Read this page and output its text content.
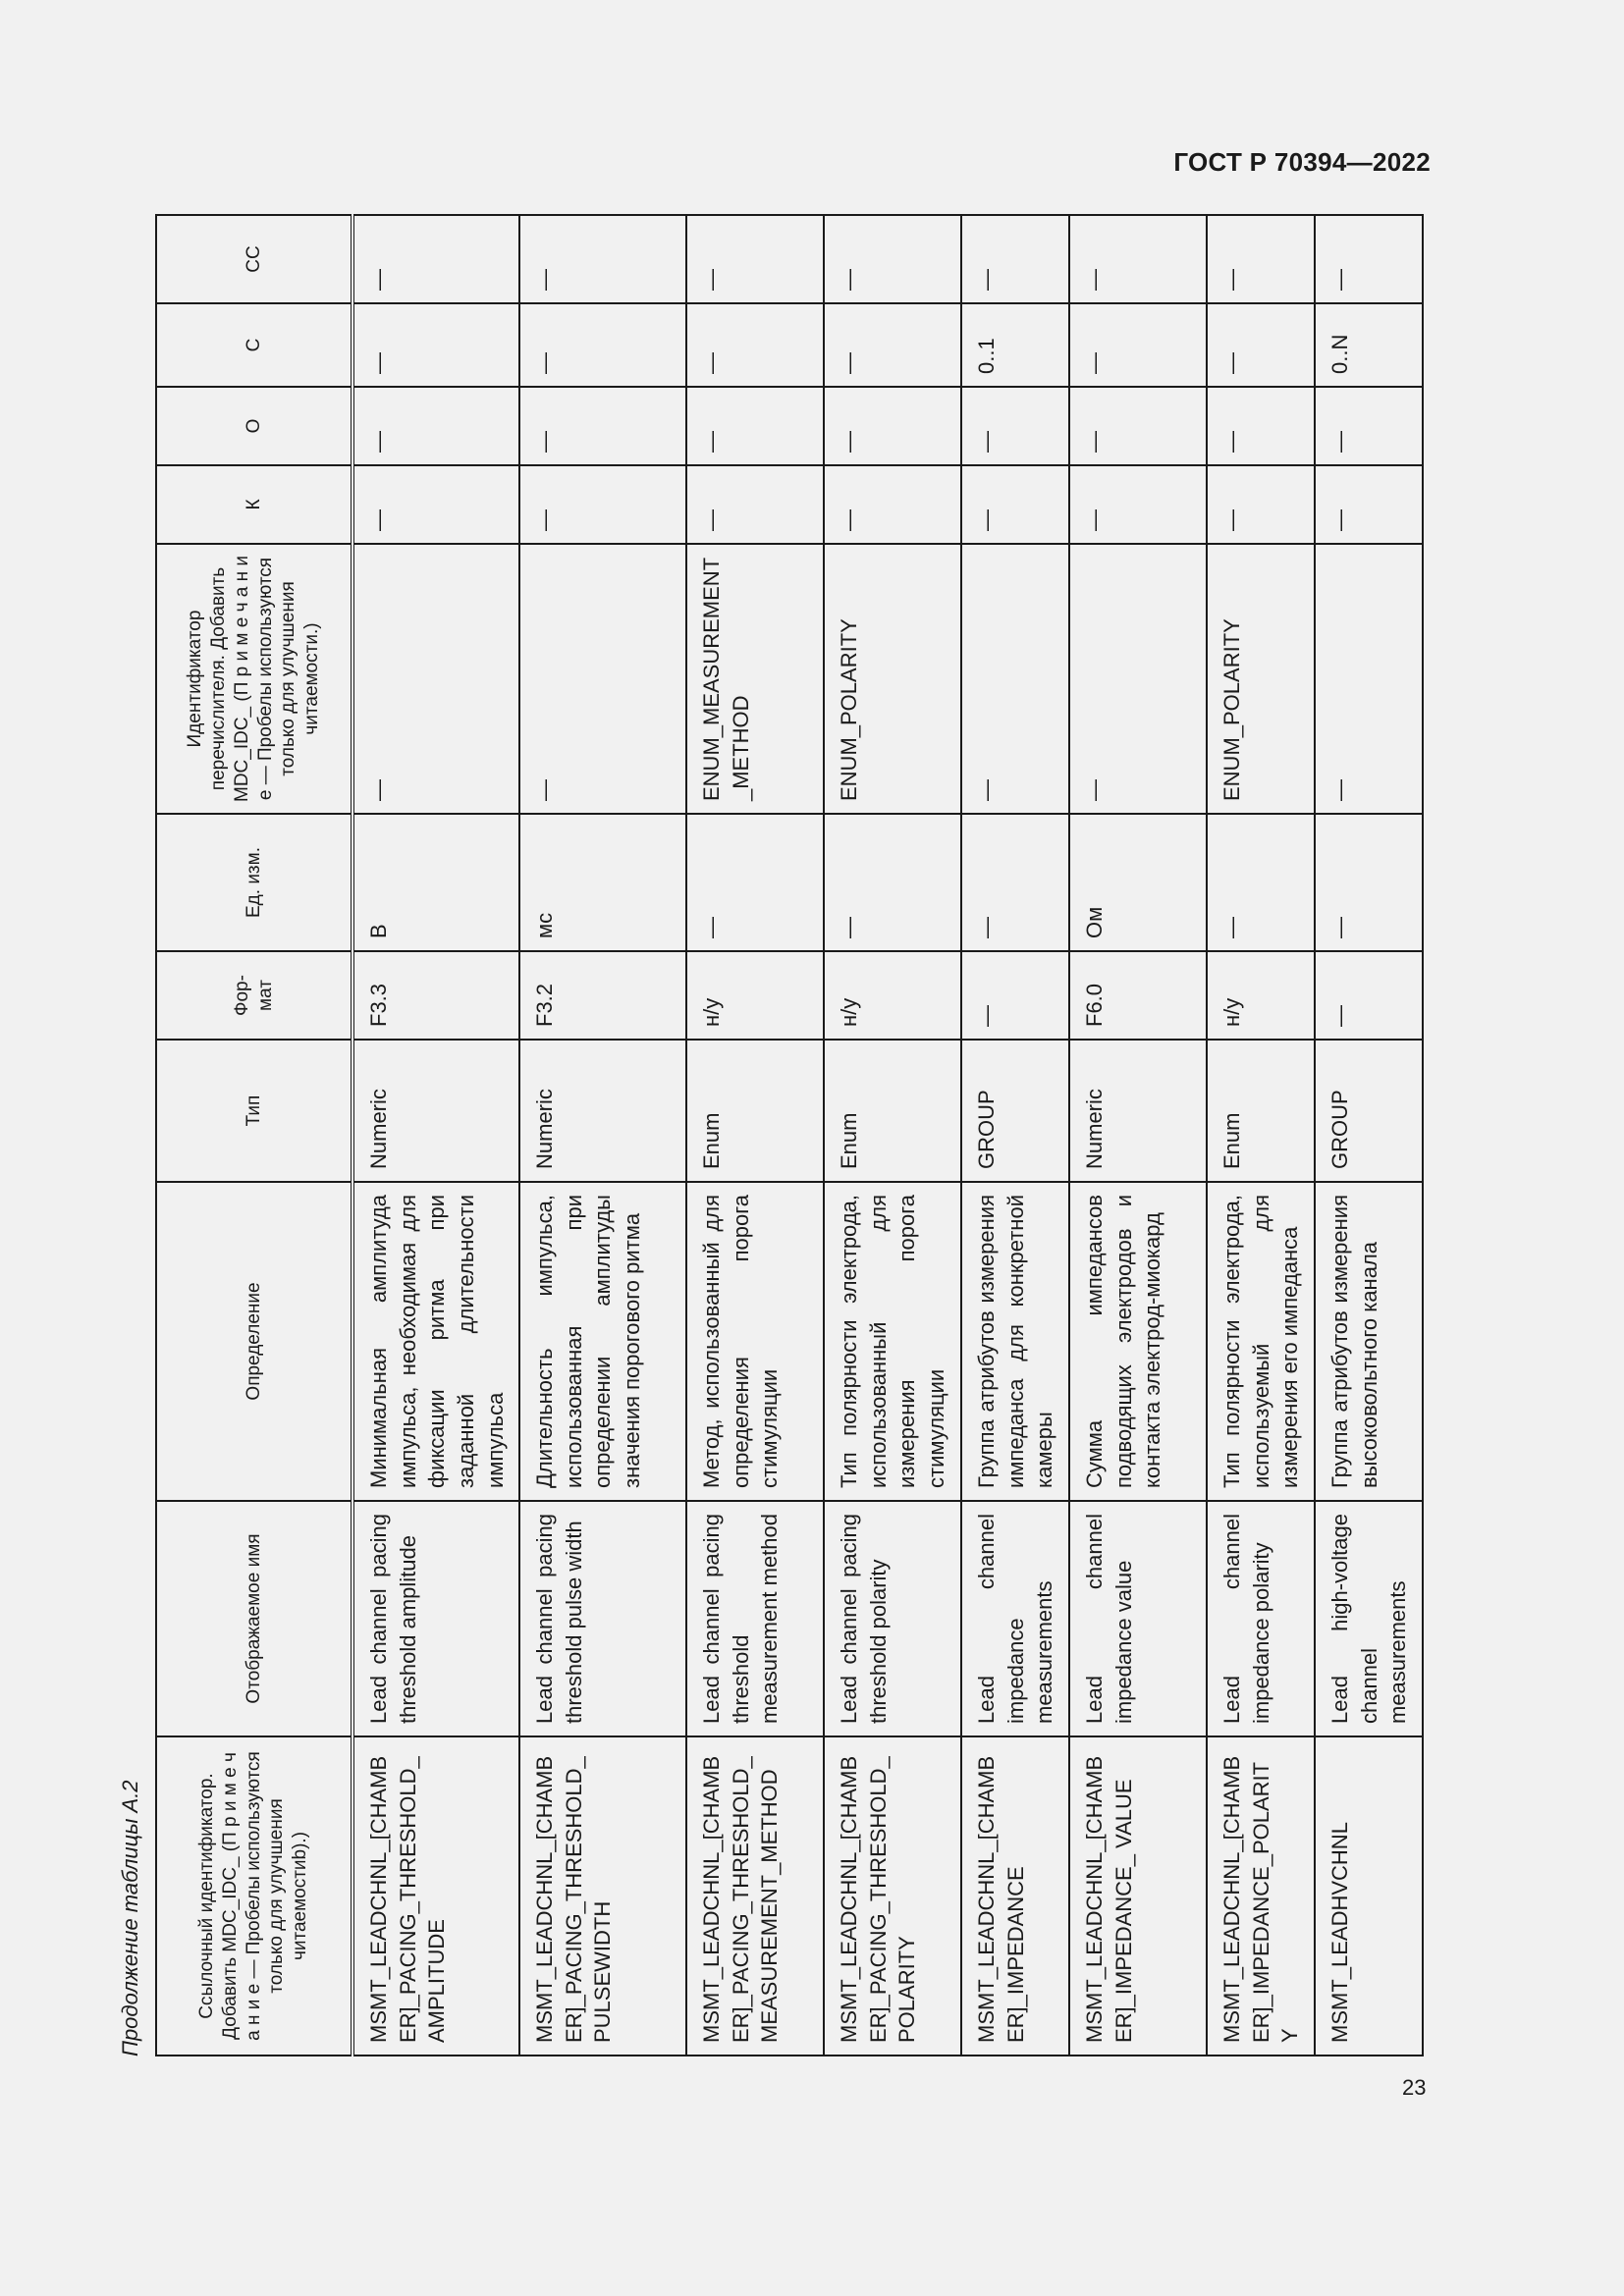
ГОСТ Р 70394—2022
23
Продолжение таблицы А.2	Ссылочный идентификатор. Добавить MDC_IDC_ (П р и м е ч а н и е — Пробелы используются только для улучшения читаемостиb).)	Отображаемое имя	Определение	Тип	Фор-мат	Ед. изм.	Идентификатор перечислителя. Добавить MDC_IDC_ (П р и м е ч а н и е — Пробелы используются только для улучшения читаемости.)	К	О	С	СС
MSMT_LEADCHNL_[CHAMBER]_PACING_THRESHOLD_AMPLITUDE	Lead channel pacing threshold amplitude	Минимальная амплитуда импульса, необходимая для фиксации ритма при заданной длительности импульса	Numeric	F3.3	В	—	—	—	—	—
MSMT_LEADCHNL_[CHAMBER]_PACING_THRESHOLD_PULSEWIDTH	Lead channel pacing threshold pulse width	Длительность импульса, использованная при определении амплитуды значения порогового ритма	Numeric	F3.2	мс	—	—	—	—	—
MSMT_LEADCHNL_[CHAMBER]_PACING_THRESHOLD_MEASUREMENT_METHOD	Lead channel pacing threshold measurement method	Метод, использованный для определения порога стимуляции	Enum	н/у	—	ENUM_MEASUREMENT_METHOD	—	—	—	—
MSMT_LEADCHNL_[CHAMBER]_PACING_THRESHOLD_ POLARITY	Lead channel pacing threshold polarity	Тип полярности электрода, использованный для измерения порога стимуляции	Enum	н/у	—	ENUM_POLARITY	—	—	—	—
MSMT_LEADCHNL_[CHAMBER]_IMPEDANCE	Lead channel impedance measurements	Группа атрибутов измерения импеданса для конкретной камеры	GROUP	—	—	—	—	—	0..1	—
MSMT_LEADCHNL_[CHAMBER]_IMPEDANCE_ VALUE	Lead channel impedance value	Сумма импедансов подводящих электродов и контакта электрод-миокард	Numeric	F6.0	Ом	—	—	—	—	—
MSMT_LEADCHNL_[CHAMBER]_IMPEDANCE_POLARITY	Lead channel impedance polarity	Тип полярности электрода, используемый для измерения его импеданса	Enum	н/у	—	ENUM_POLARITY	—	—	—	—
MSMT_LEADHVCHNL	Lead high-voltage channel measurements	Группа атрибутов измерения высоковольтного канала	GROUP	—	—	—	—	—	0..N	—
